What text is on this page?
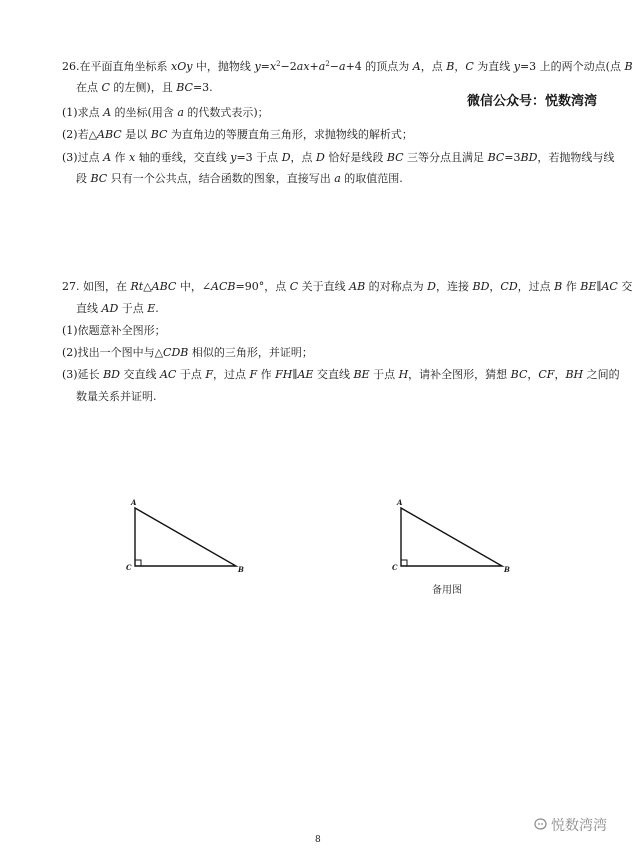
微信公众号：悦数湾湾
26.在平面直角坐标系 xOy 中，抛物线 $y=x^2-2ax+a^2-a+4$ 的顶点为 A，点 B，C 为直线 y=3 上的两个动点(点 B
在点 C 的左侧)，且 BC=3.
(1)求点 A 的坐标(用含 a 的代数式表示)；
(2)若△ABC 是以 BC 为直角边的等腰直角三角形，求抛物线的解析式；
(3)过点 A 作 x 轴的垂线，交直线 y=3 于点 D，点 D 恰好是线段 BC 三等分点且满足 BC=3BD，若抛物线与线
段 BC 只有一个公共点，结合函数的图象，直接写出 a 的取值范围.
27. 如图，在 Rt△ABC 中，∠ACB=90°，点 C 关于直线 AB 的对称点为 D，连接 BD，CD，过点 B 作 BE∥AC 交
直线 AD 于点 E.
(1)依题意补全图形；
(2)找出一个图中与△CDB 相似的三角形，并证明；
(3)延长 BD 交直线 AC 于点 F，过点 F 作 FH∥AE 交直线 BE 于点 H，请补全图形，猜想 BC，CF，BH 之间的
数量关系并证明.
A
C	B
A
C	B
备用图
8
悦数湾湾
